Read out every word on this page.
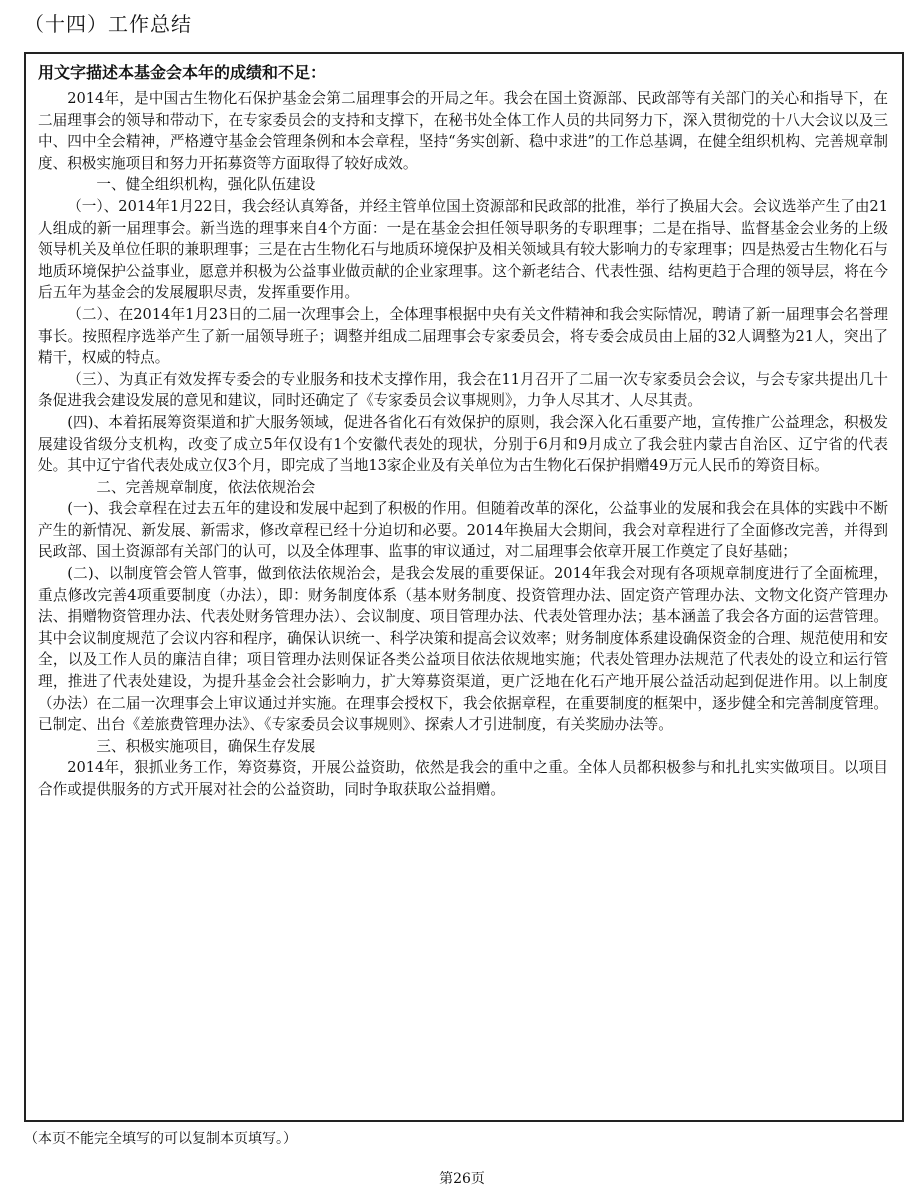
（十四）工作总结

用文字描述本基金会本年的成绩和不足：

2014年，是中国古生物化石保护基金会第二届理事会的开局之年。我会在国土资源部、民政部等有关部门的关心和指导下，在二届理事会的领导和带动下，在专家委员会的支持和支撑下，在秘书处全体工作人员的共同努力下，深入贯彻党的十八大会议以及三中、四中全会精神，严格遵守基金会管理条例和本会章程，坚持“务实创新、稳中求进”的工作总基调，在健全组织机构、完善规章制度、积极实施项目和努力开拓募资等方面取得了较好成效。

一、健全组织机构，强化队伍建设

（一）、2014年1月22日，我会经认真筹备，并经主管单位国土资源部和民政部的批准，举行了换届大会。会议选举产生了由21人组成的新一届理事会。新当选的理事来自4个方面：一是在基金会担任领导职务的专职理事；二是在指导、监督基金会业务的上级领导机关及单位任职的兼职理事；三是在古生物化石与地质环境保护及相关领域具有较大影响力的专家理事；四是热爱古生物化石与地质环境保护公益事业，愿意并积极为公益事业做贡献的企业家理事。这个新老结合、代表性强、结构更趋于合理的领导层，将在今后五年为基金会的发展履职尽责，发挥重要作用。

（二）、在2014年1月23日的二届一次理事会上，全体理事根据中央有关文件精神和我会实际情况，聘请了新一届理事会名誉理事长。按照程序选举产生了新一届领导班子；调整并组成二届理事会专家委员会，将专委会成员由上届的32人调整为21人，突出了精干，权威的特点。

（三）、为真正有效发挥专委会的专业服务和技术支撑作用，我会在11月召开了二届一次专家委员会会议，与会专家共提出几十条促进我会建设发展的意见和建议，同时还确定了《专家委员会议事规则》，力争人尽其才、人尽其责。

(四)、本着拓展筹资渠道和扩大服务领域，促进各省化石有效保护的原则，我会深入化石重要产地，宣传推广公益理念，积极发展建设省级分支机构，改变了成立5年仅设有1个安徽代表处的现状，分别于6月和9月成立了我会驻内蒙古自治区、辽宁省的代表处。其中辽宁省代表处成立仅3个月，即完成了当地13家企业及有关单位为古生物化石保护捐赠49万元人民币的筹资目标。

二、完善规章制度，依法依规治会

(一)、我会章程在过去五年的建设和发展中起到了积极的作用。但随着改革的深化，公益事业的发展和我会在具体的实践中不断产生的新情况、新发展、新需求，修改章程已经十分迫切和必要。2014年换届大会期间，我会对章程进行了全面修改完善，并得到民政部、国土资源部有关部门的认可，以及全体理事、监事的审议通过，对二届理事会依章开展工作奠定了良好基础；

(二)、以制度管会管人管事，做到依法依规治会，是我会发展的重要保证。2014年我会对现有各项规章制度进行了全面梳理，重点修改完善4项重要制度（办法），即：财务制度体系（基本财务制度、投资管理办法、固定资产管理办法、文物文化资产管理办法、捐赠物资管理办法、代表处财务管理办法）、会议制度、项目管理办法、代表处管理办法；基本涵盖了我会各方面的运营管理。其中会议制度规范了会议内容和程序，确保认识统一、科学决策和提高会议效率；财务制度体系建设确保资金的合理、规范使用和安全，以及工作人员的廉洁自律；项目管理办法则保证各类公益项目依法依规地实施；代表处管理办法规范了代表处的设立和运行管理，推进了代表处建设，为提升基金会社会影响力，扩大筹募资渠道，更广泛地在化石产地开展公益活动起到促进作用。以上制度（办法）在二届一次理事会上审议通过并实施。在理事会授权下，我会依据章程，在重要制度的框架中，逐步健全和完善制度管理。已制定、出台《差旅费管理办法》、《专家委员会议事规则》、探索人才引进制度，有关奖励办法等。

三、积极实施项目，确保生存发展

2014年，狠抓业务工作，筹资募资，开展公益资助，依然是我会的重中之重。全体人员都积极参与和扎扎实实做项目。以项目合作或提供服务的方式开展对社会的公益资助，同时争取获取公益捐赠。

（本页不能完全填写的可以复制本页填写。）
第26页
